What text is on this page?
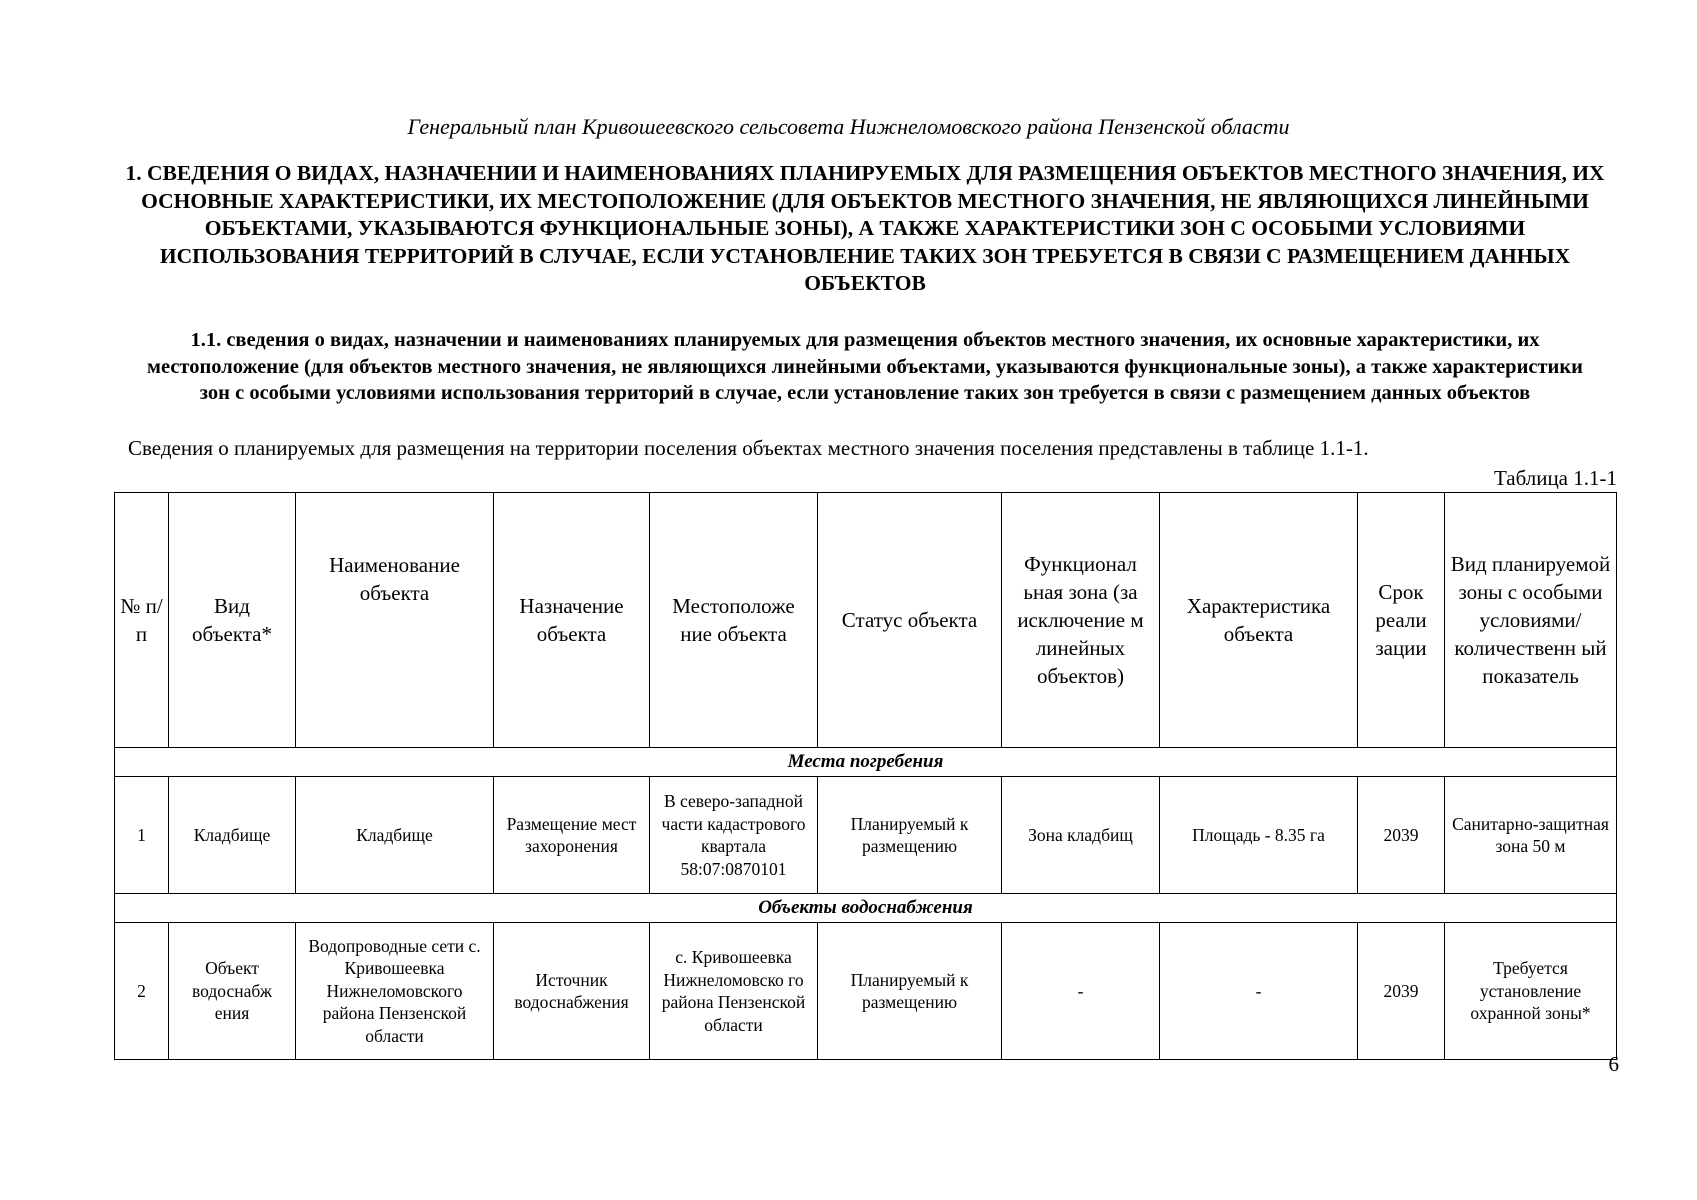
Генеральный план Кривошеевского сельсовета Нижнеломовского района Пензенской области
1. СВЕДЕНИЯ О ВИДАХ, НАЗНАЧЕНИИ И НАИМЕНОВАНИЯХ ПЛАНИРУЕМЫХ ДЛЯ РАЗМЕЩЕНИЯ ОБЪЕКТОВ МЕСТНОГО ЗНАЧЕНИЯ, ИХ ОСНОВНЫЕ ХАРАКТЕРИСТИКИ, ИХ МЕСТОПОЛОЖЕНИЕ (ДЛЯ ОБЪЕКТОВ МЕСТНОГО ЗНАЧЕНИЯ, НЕ ЯВЛЯЮЩИХСЯ ЛИНЕЙНЫМИ ОБЪЕКТАМИ, УКАЗЫВАЮТСЯ ФУНКЦИОНАЛЬНЫЕ ЗОНЫ), А ТАКЖЕ ХАРАКТЕРИСТИКИ ЗОН С ОСОБЫМИ УСЛОВИЯМИ ИСПОЛЬЗОВАНИЯ ТЕРРИТОРИЙ В СЛУЧАЕ, ЕСЛИ УСТАНОВЛЕНИЕ ТАКИХ ЗОН ТРЕБУЕТСЯ В СВЯЗИ С РАЗМЕЩЕНИЕМ ДАННЫХ ОБЪЕКТОВ
1.1. сведения о видах, назначении и наименованиях планируемых для размещения объектов местного значения, их основные характеристики, их местоположение (для объектов местного значения, не являющихся линейными объектами, указываются функциональные зоны), а также характеристики зон с особыми условиями использования территорий в случае, если установление таких зон требуется в связи с размещением данных объектов
Сведения о планируемых для размещения на территории поселения объектах местного значения поселения представлены в таблице 1.1-1.
Таблица 1.1-1
№ п/п	Вид объекта*	Наименование объекта	Назначение объекта	Местоположе ние объекта	Статус объекта	Функционал ьная зона (за исключение м линейных объектов)	Характеристика объекта	Срок реали зации	Вид планируемой зоны с особыми условиями/ количественн ый показатель
Места погребения									
1	Кладбище	Кладбище	Размещение мест захоронения	В северо-западной части кадастрового квартала 58:07:0870101	Планируемый к размещению	Зона кладбищ	Площадь - 8.35 га	2039	Санитарно-защитная зона 50 м
Объекты водоснабжения									
2	Объект водоснабж ения	Водопроводные сети с. Кривошеевка Нижнеломовского района Пензенской области	Источник водоснабжения	с. Кривошеевка Нижнеломовско го района Пензенской области	Планируемый к размещению	-	-	2039	Требуется установление охранной зоны*
6
